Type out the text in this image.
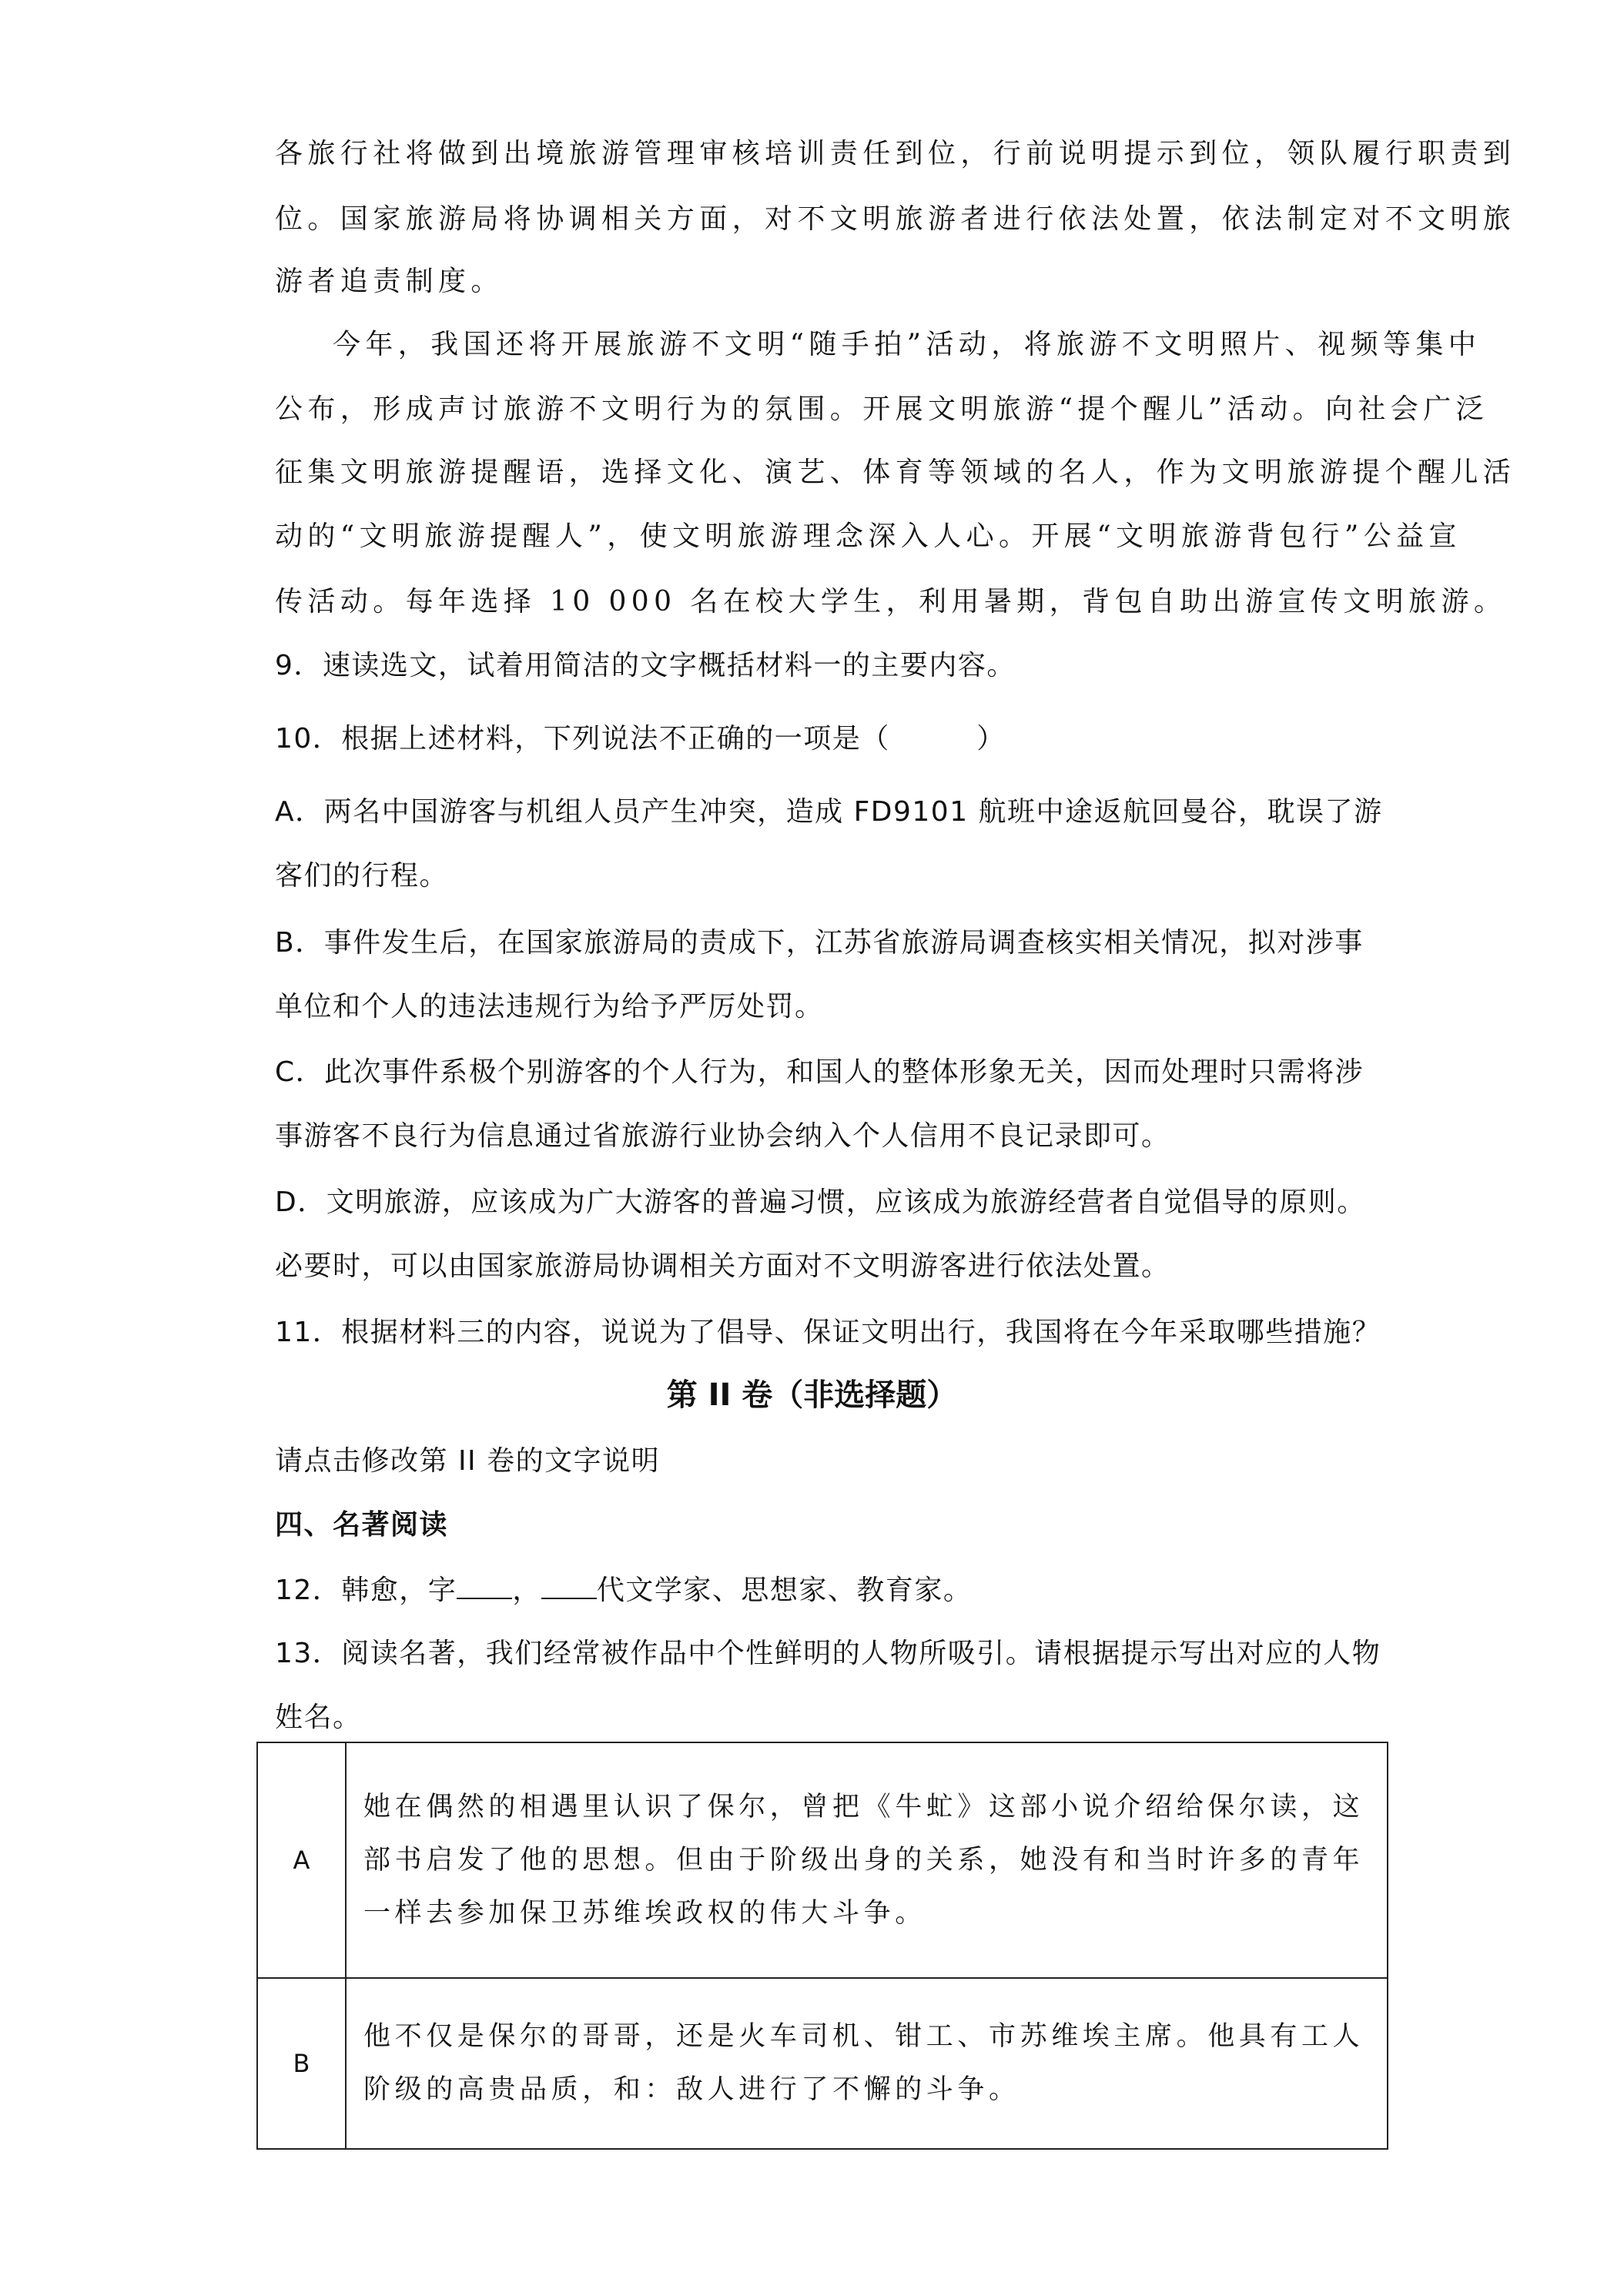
各旅行社将做到出境旅游管理审核培训责任到位，行前说明提示到位，领队履行职责到
位。国家旅游局将协调相关方面，对不文明旅游者进行依法处置，依法制定对不文明旅
游者追责制度。
今年，我国还将开展旅游不文明“随手拍”活动，将旅游不文明照片、视频等集中
公布，形成声讨旅游不文明行为的氛围。开展文明旅游“提个醒儿”活动。向社会广泛
征集文明旅游提醒语，选择文化、演艺、体育等领域的名人，作为文明旅游提个醒儿活
动的“文明旅游提醒人”，使文明旅游理念深入人心。开展“文明旅游背包行”公益宣
传活动。每年选择 10 000 名在校大学生，利用暑期，背包自助出游宣传文明旅游。
9．速读选文，试着用简洁的文字概括材料一的主要内容。
10．根据上述材料，下列说法不正确的一项是（　　　）
A．两名中国游客与机组人员产生冲突，造成 FD9101 航班中途返航回曼谷，耽误了游
客们的行程。
B．事件发生后，在国家旅游局的责成下，江苏省旅游局调查核实相关情况，拟对涉事
单位和个人的违法违规行为给予严厉处罚。
C．此次事件系极个别游客的个人行为，和国人的整体形象无关，因而处理时只需将涉
事游客不良行为信息通过省旅游行业协会纳入个人信用不良记录即可。
D．文明旅游，应该成为广大游客的普遍习惯，应该成为旅游经营者自觉倡导的原则。
必要时，可以由国家旅游局协调相关方面对不文明游客进行依法处置。
11．根据材料三的内容，说说为了倡导、保证文明出行，我国将在今年采取哪些措施？
第 II 卷（非选择题）
请点击修改第 II 卷的文字说明
四、名著阅读
12．韩愈，字 ， 代文学家、思想家、教育家。
13．阅读名著，我们经常被作品中个性鲜明的人物所吸引。请根据提示写出对应的人物
姓名。
A	她在偶然的相遇里认识了保尔，曾把《牛虻》这部小说介绍给保尔读，这部书启发了他的思想。但由于阶级出身的关系，她没有和当时许多的青年一样去参加保卫苏维埃政权的伟大斗争。
B	他不仅是保尔的哥哥，还是火车司机、钳工、市苏维埃主席。他具有工人阶级的高贵品质，和：敌人进行了不懈的斗争。
